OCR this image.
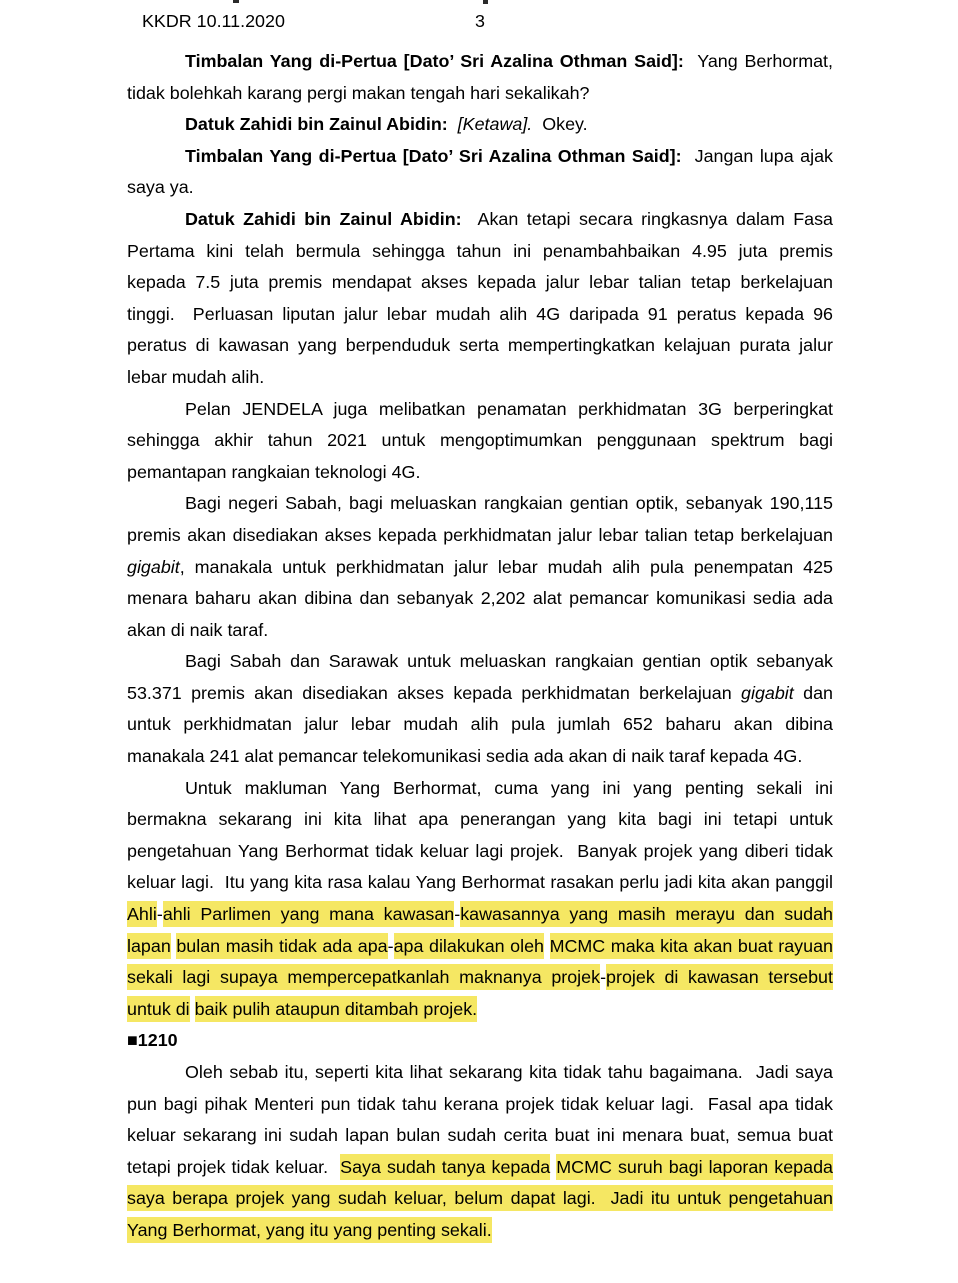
KKDR 10.11.2020	3
Timbalan Yang di-Pertua [Dato’ Sri Azalina Othman Said]:  Yang Berhormat,
tidak bolehkah karang pergi makan tengah hari sekalikah?
Datuk Zahidi bin Zainul Abidin: [Ketawa].  Okey.
Timbalan Yang di-Pertua [Dato’ Sri Azalina Othman Said]:  Jangan lupa ajak
saya ya.
Datuk Zahidi bin Zainul Abidin:  Akan tetapi secara ringkasnya dalam Fasa
Pertama kini telah bermula sehingga tahun ini penambahbaikan 4.95 juta premis
kepada 7.5 juta premis mendapat akses kepada jalur lebar talian tetap berkelajuan
tinggi.  Perluasan liputan jalur lebar mudah alih 4G daripada 91 peratus kepada 96
peratus di kawasan yang berpenduduk serta mempertingkatkan kelajuan purata jalur
lebar mudah alih.
Pelan JENDELA juga melibatkan penamatan perkhidmatan 3G berperingkat
sehingga akhir tahun 2021 untuk mengoptimumkan penggunaan spektrum bagi
pemantapan rangkaian teknologi 4G.
Bagi negeri Sabah, bagi meluaskan rangkaian gentian optik, sebanyak 190,115
premis akan disediakan akses kepada perkhidmatan jalur lebar talian tetap berkelajuan
gigabit, manakala untuk perkhidmatan jalur lebar mudah alih pula penempatan 425
menara baharu akan dibina dan sebanyak 2,202 alat pemancar komunikasi sedia ada
akan di naik taraf.
Bagi Sabah dan Sarawak untuk meluaskan rangkaian gentian optik sebanyak
53.371 premis akan disediakan akses kepada perkhidmatan berkelajuan gigabit dan
untuk perkhidmatan jalur lebar mudah alih pula jumlah 652 baharu akan dibina
manakala 241 alat pemancar telekomunikasi sedia ada akan di naik taraf kepada 4G.
Untuk makluman Yang Berhormat, cuma yang ini yang penting sekali ini
bermakna sekarang ini kita lihat apa penerangan yang kita bagi ini tetapi untuk
pengetahuan Yang Berhormat tidak keluar lagi projek.  Banyak projek yang diberi tidak
keluar lagi.  Itu yang kita rasa kalau Yang Berhormat rasakan perlu jadi kita akan panggil
Ahli-ahli Parlimen yang mana kawasan-kawasannya yang masih merayu dan sudah
lapan bulan masih tidak ada apa-apa dilakukan oleh MCMC maka kita akan buat rayuan
sekali lagi supaya mempercepatkanlah maknanya projek-projek di kawasan tersebut
untuk di baik pulih ataupun ditambah projek.
■1210
Oleh sebab itu, seperti kita lihat sekarang kita tidak tahu bagaimana.  Jadi saya
pun bagi pihak Menteri pun tidak tahu kerana projek tidak keluar lagi.  Fasal apa tidak
keluar sekarang ini sudah lapan bulan sudah cerita buat ini menara buat, semua buat
tetapi projek tidak keluar.  Saya sudah tanya kepada MCMC suruh bagi laporan kepada
saya berapa projek yang sudah keluar, belum dapat lagi.  Jadi itu untuk pengetahuan
Yang Berhormat, yang itu yang penting sekali.
